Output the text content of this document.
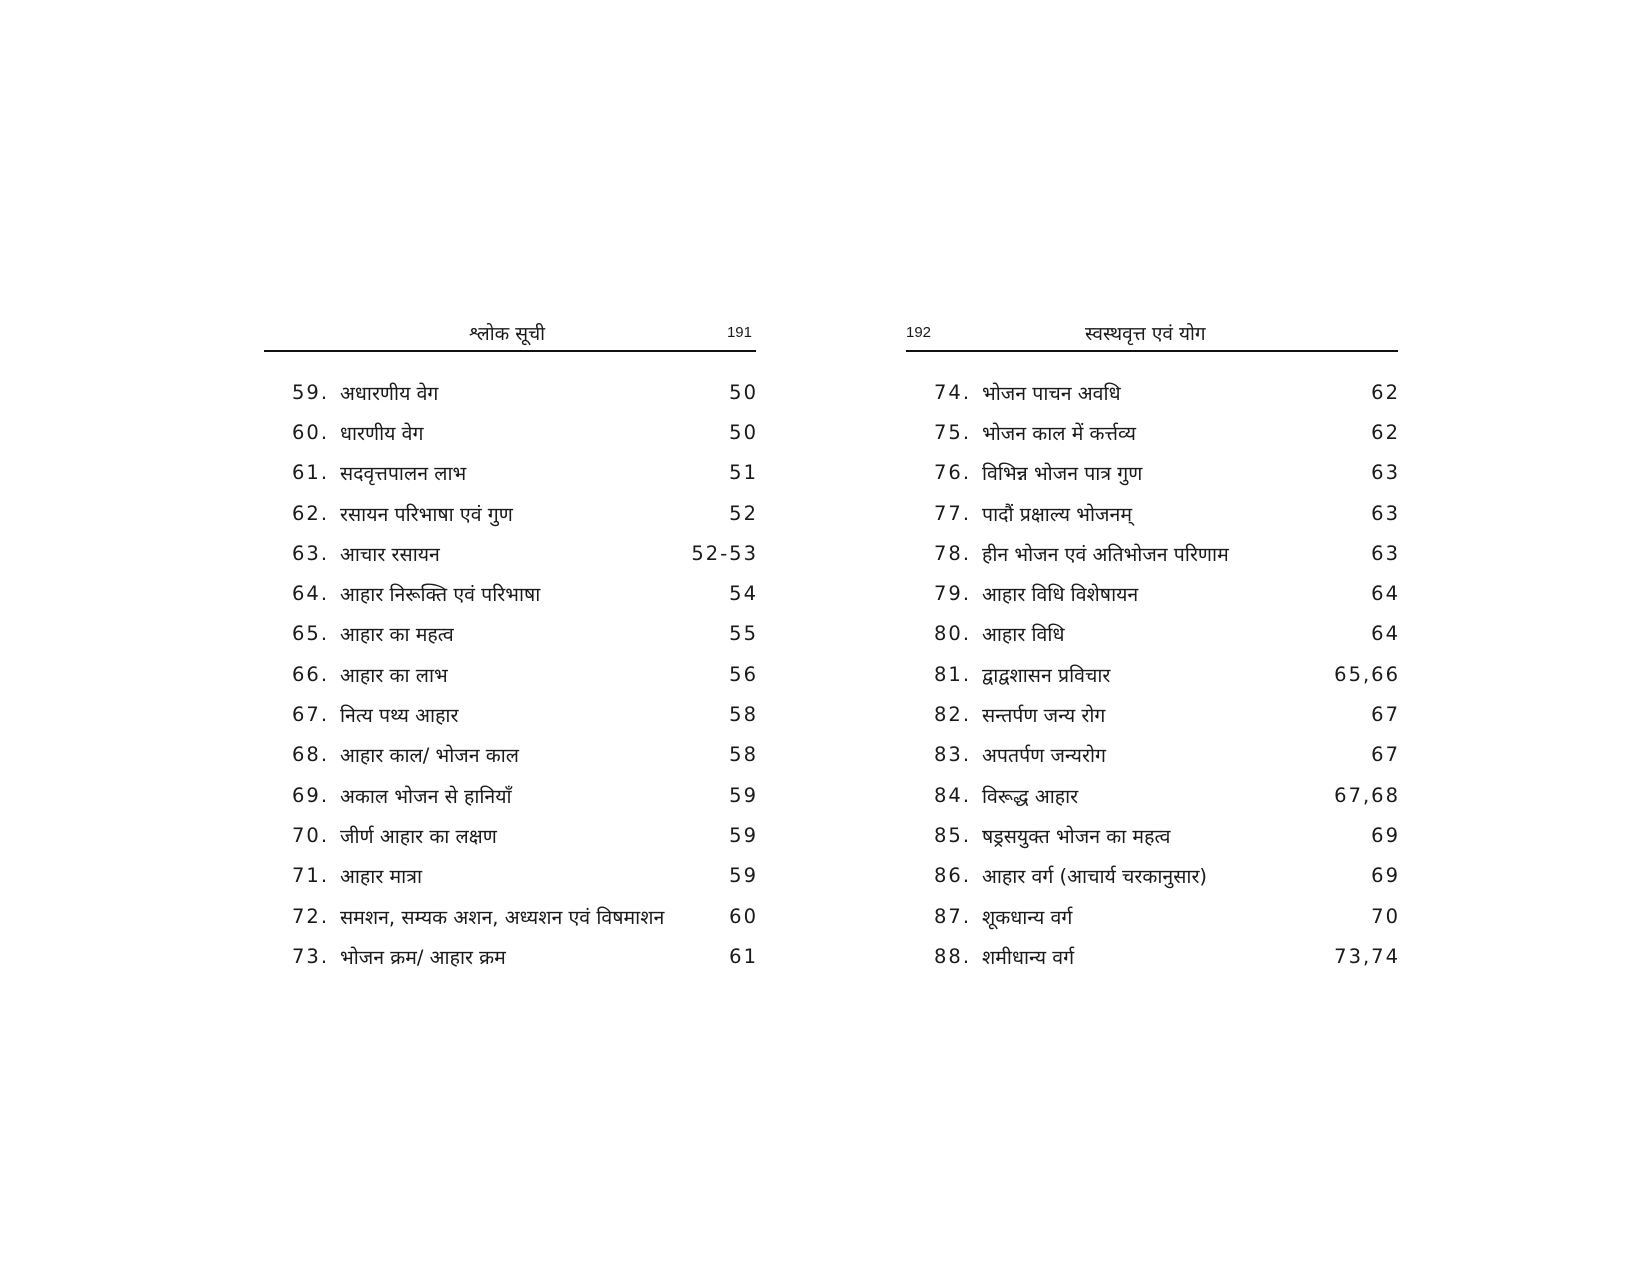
श्लोक सूची	191
59. अधारणीय वेग	50
60. धारणीय वेग	50
61. सदवृत्तपालन लाभ	51
62. रसायन परिभाषा एवं गुण	52
63. आचार रसायन	52-53
64. आहार निरूक्ति एवं परिभाषा	54
65. आहार का महत्व	55
66. आहार का लाभ	56
67. नित्य पथ्य आहार	58
68. आहार काल/ भोजन काल	58
69. अकाल भोजन से हानियाँ	59
70. जीर्ण आहार का लक्षण	59
71. आहार मात्रा	59
72. समशन, सम्यक अशन, अध्यशन एवं विषमाशन	60
73. भोजन क्रम/ आहार क्रम	61
192	स्वस्थवृत्त एवं योग
74. भोजन पाचन अवधि	62
75. भोजन काल में कर्त्तव्य	62
76. विभिन्न भोजन पात्र गुण	63
77. पादौं प्रक्षाल्य भोजनम्	63
78. हीन भोजन एवं अतिभोजन परिणाम	63
79. आहार विधि विशेषायन	64
80. आहार विधि	64
81. द्वाद्वशासन प्रविचार	65,66
82. सन्तर्पण जन्य रोग	67
83. अपतर्पण जन्यरोग	67
84. विरूद्ध आहार	67,68
85. षड्रसयुक्त भोजन का महत्व	69
86. आहार वर्ग (आचार्य चरकानुसार)	69
87. शूकधान्य वर्ग	70
88. शमीधान्य वर्ग	73,74
